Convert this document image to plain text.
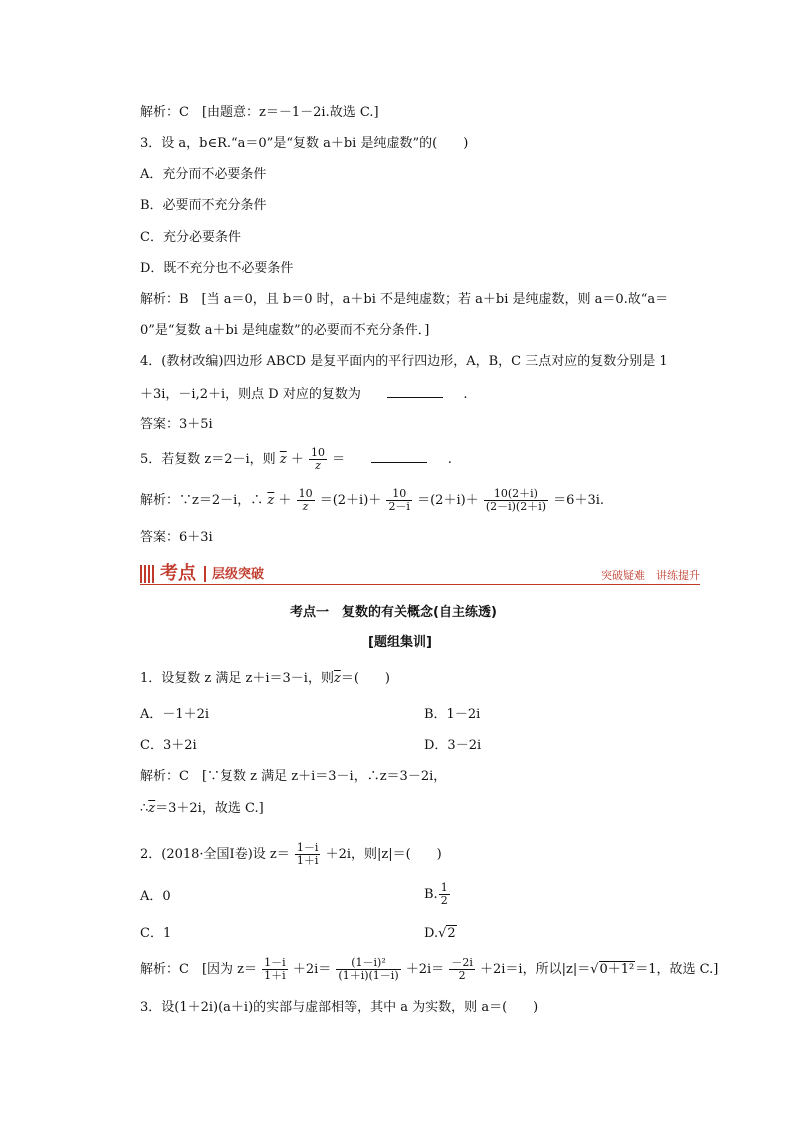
解析：C　[由题意：z＝－1－2i.故选 C.]
3．设 a，b∈R.“a＝0”是“复数 a＋bi 是纯虚数”的(　　)
A．充分而不必要条件
B．必要而不充分条件
C．充分必要条件
D．既不充分也不必要条件
解析：B　[当 a＝0，且 b＝0 时，a＋bi 不是纯虚数；若 a＋bi 是纯虚数，则 a＝0.故“a＝
0”是“复数 a＋bi 是纯虚数”的必要而不充分条件．]
4．(教材改编)四边形 ABCD 是复平面内的平行四边形，A，B，C 三点对应的复数分别是 1
＋3i，－i,2＋i，则点 D 对应的复数为	.
答案：3＋5i
5．若复数 z＝2－i，则 $\overline{z} + \frac{10}{z}$ ＝	.
解析：∵z＝2－i，∴ $\overline{z} + \frac{10}{z} =(2+i)+ \frac{10}{2-i} =(2+i)+ \frac{10(2+i)}{(2-i)(2+i)} =6+3i$.
答案：6＋3i
考点 层级突破	突破疑难　讲练提升
考点一　复数的有关概念(自主练透)
[题组集训]
1．设复数 z 满足 z＋i＝3－i，则$\overline{z}=$(　　)
A．－1＋2i	B．1－2i
C．3＋2i	D．3－2i
解析：C　[∵复数 z 满足 z＋i＝3－i，∴z＝3－2i，
$\therefore\overline{z}=3+2i$，故选 C.]
2．(2018·全国Ⅰ卷)设 $z= \frac{1-i}{1+i} +2i$，则|z|＝(　　)
A．0	B. $\frac{1}{2}$
C．1	D.√2
解析：C　[因为 $z= \frac{1-i}{1+i} +2i= \frac{\text{(1－i)²}}{(1+i)(1-i)} +2i= \frac{-2i}{2} +2i=i$，所以|z|＝√0＋1²＝1，故选 C.]
3．设(1＋2i)(a＋i)的实部与虚部相等，其中 a 为实数，则 a＝(　　)
